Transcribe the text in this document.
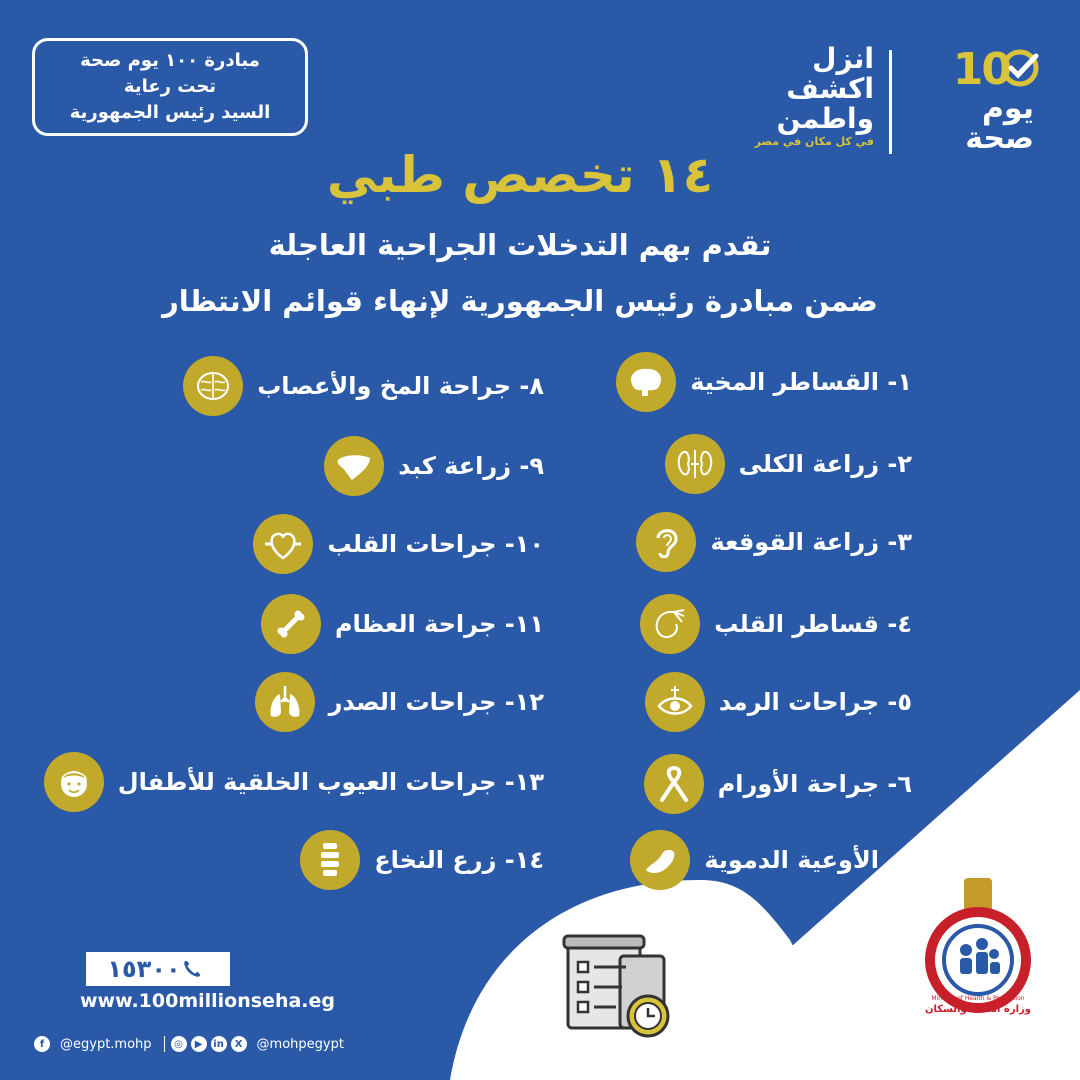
مبادرة ١٠٠ يوم صحة
تحت رعاية
السيد رئيس الجمهورية
10
يوم
صحة
انزل
اكشف
واطمن
في كل مكان في مصر
١٤ تخصص طبي
تقدم بهم التدخلات الجراحية العاجلة
ضمن مبادرة رئيس الجمهورية لإنهاء قوائم الانتظار
١- القساطر المخية
٢- زراعة الكلى
٣- زراعة القوقعة
٤- قساطر القلب
٥- جراحات الرمد
٦- جراحة الأورام
٧- الأوعية الدموية
٨- جراحة المخ والأعصاب
٩- زراعة كبد
١٠- جراحات القلب
١١- جراحة العظام
١٢- جراحات الصدر
١٣- جراحات العيوب الخلقية للأطفال
١٤- زرع النخاع
١٥٣٠٠
www.100millionseha.eg
f	@egypt.mohp	◎	▶	in	X	@mohpegypt
Ministry of Health & Population
وزارة الصحة والسكان
